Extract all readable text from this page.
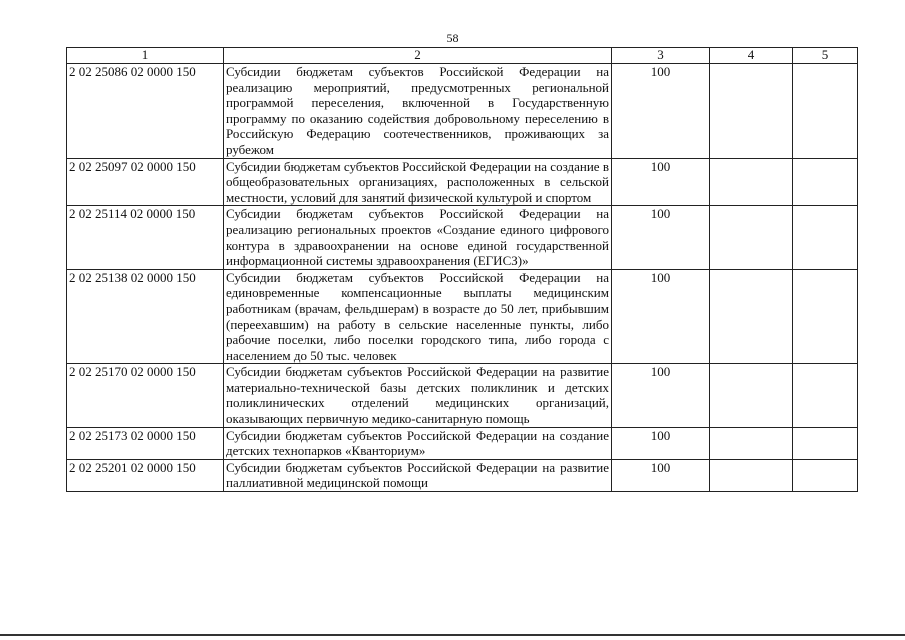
58
1	2	3	4	5
2 02 25086 02 0000 150	Субсидии бюджетам субъектов Российской Федерации на реализацию мероприятий, предусмотренных региональной программой переселения, включенной в Государственную программу по оказанию содействия добровольному переселению в Российскую Федерацию соотечественников, проживающих за рубежом	100		
2 02 25097 02 0000 150	Субсидии бюджетам субъектов Российской Федерации на создание в общеобразовательных организациях, расположенных в сельской местности, условий для занятий физической культурой и спортом	100		
2 02 25114 02 0000 150	Субсидии бюджетам субъектов Российской Федерации на реализацию региональных проектов «Создание единого цифрового контура в здравоохранении на основе единой государственной информационной системы здравоохранения (ЕГИСЗ)»	100		
2 02 25138 02 0000 150	Субсидии бюджетам субъектов Российской Федерации на единовременные компенсационные выплаты медицинским работникам (врачам, фельдшерам) в возрасте до 50 лет, прибывшим (переехавшим) на работу в сельские населенные пункты, либо рабочие поселки, либо поселки городского типа, либо города с населением до 50 тыс. человек	100		
2 02 25170 02 0000 150	Субсидии бюджетам субъектов Российской Федерации на развитие материально-технической базы детских поликлиник и детских поликлинических отделений медицинских организаций, оказывающих первичную медико-санитарную помощь	100		
2 02 25173 02 0000 150	Субсидии бюджетам субъектов Российской Федерации на создание детских технопарков «Кванториум»	100		
2 02 25201 02 0000 150	Субсидии бюджетам субъектов Российской Федерации на развитие паллиативной медицинской помощи	100		
